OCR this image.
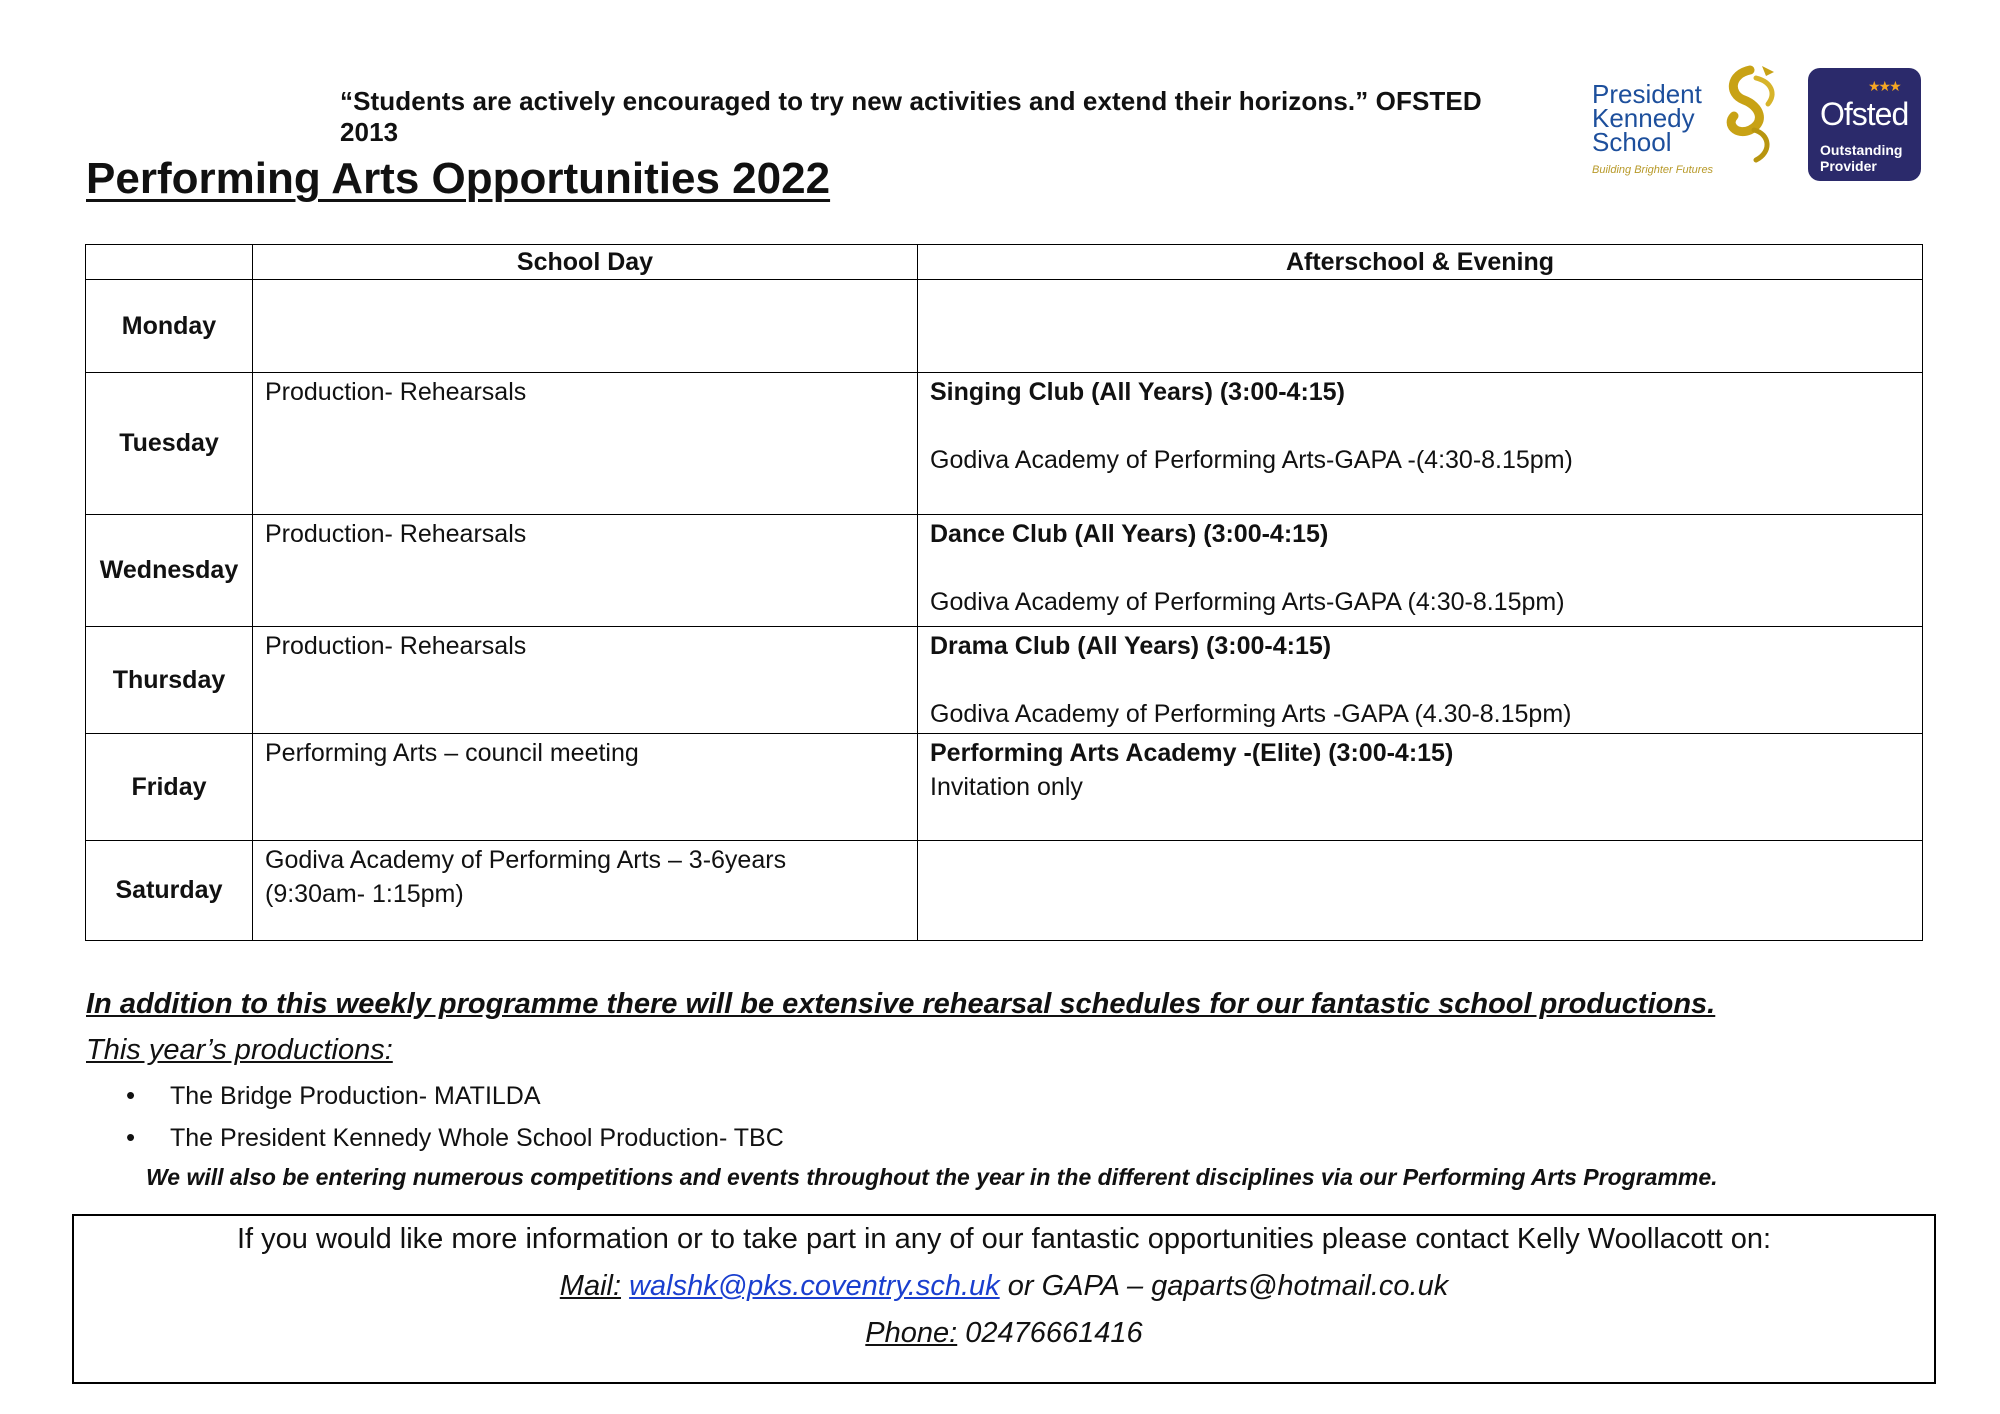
“Students are actively encouraged to try new activities and extend their horizons.” OFSTED 2013
Performing Arts Opportunities 2022
President
Kennedy
School
Building Brighter Futures
★★★
Ofsted
Outstanding
Provider
	School Day	Afterschool & Evening
Monday		
Tuesday	Production- Rehearsals	Singing Club (All Years) (3:00-4:15)
Godiva Academy of Performing Arts-GAPA -(4:30-8.15pm)

Wednesday	Production- Rehearsals	Dance Club (All Years) (3:00-4:15)
Godiva Academy of Performing Arts-GAPA (4:30-8.15pm)

Thursday	Production- Rehearsals	Drama Club (All Years) (3:00-4:15)
Godiva Academy of Performing Arts -GAPA (4.30-8.15pm)

Friday	Performing Arts – council meeting	Performing Arts Academy -(Elite) (3:00-4:15)
Invitation only

Saturday	Godiva Academy of Performing Arts – 3-6years
(9:30am- 1:15pm)	

In addition to this weekly programme there will be extensive rehearsal schedules for our fantastic school productions.
This year’s productions:
• The Bridge Production- MATILDA
• The President Kennedy Whole School Production- TBC
We will also be entering numerous competitions and events throughout the year in the different disciplines via our Performing Arts Programme.
If you would like more information or to take part in any of our fantastic opportunities please contact Kelly Woollacott on:
Mail: walshk@pks.coventry.sch.uk or GAPA – gaparts@hotmail.co.uk
Phone: 02476661416
